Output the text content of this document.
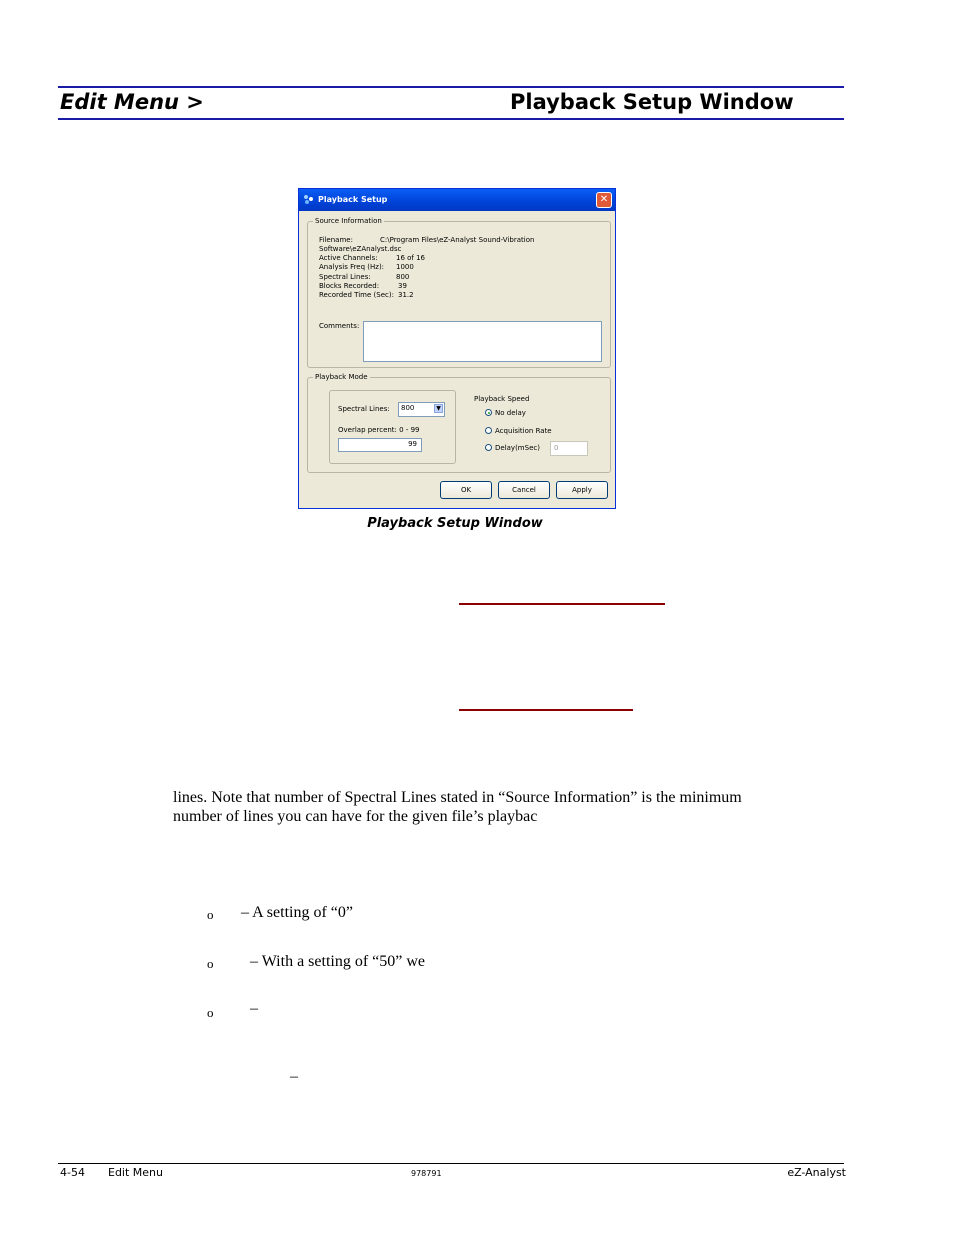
Edit Menu >	Playback Setup Window
Playback Setup	✕
Source Information
Filename:	C:\Program Files\eZ-Analyst Sound-Vibration
Software\eZAnalyst.dsc
Active Channels:	16 of 16
Analysis Freq (Hz): 1000
Spectral Lines:	800
Blocks Recorded:	39
Recorded Time (Sec): 31.2
Comments:
Playback Mode
Spectral Lines: 800	▼
Overlap percent: 0 - 99
99
Playback Speed
No delay
Acquisition Rate
Delay(mSec) 0
OK	Cancel	Apply
Playback Setup Window
lines. Note that number of Spectral Lines stated in “Source Information” is the minimum
number of lines you can have for the given file’s playbac
o – A setting of “0”
o – With a setting of “50” we
o –
–
4-54 Edit Menu	978791	eZ-Analyst
